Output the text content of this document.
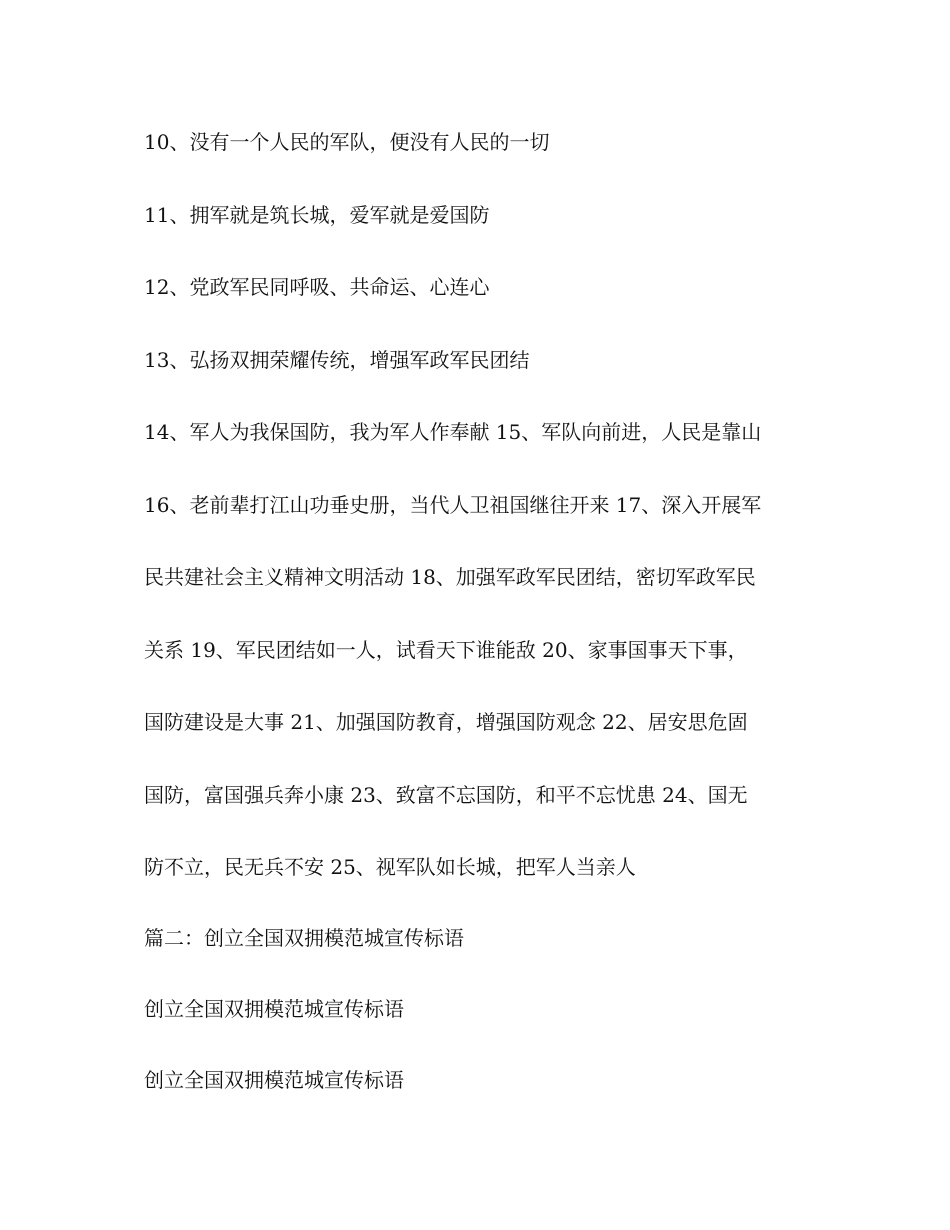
10、没有一个人民的军队，便没有人民的一切
11、拥军就是筑长城，爱军就是爱国防
12、党政军民同呼吸、共命运、心连心
13、弘扬双拥荣耀传统，增强军政军民团结
14、军人为我保国防，我为军人作奉献 15、军队向前进，人民是靠山
16、老前辈打江山功垂史册，当代人卫祖国继往开来 17、深入开展军
民共建社会主义精神文明活动 18、加强军政军民团结，密切军政军民
关系 19、军民团结如一人，试看天下谁能敌 20、家事国事天下事，
国防建设是大事 21、加强国防教育，增强国防观念 22、居安思危固
国防，富国强兵奔小康 23、致富不忘国防，和平不忘忧患 24、国无
防不立，民无兵不安 25、视军队如长城，把军人当亲人
篇二：创立全国双拥模范城宣传标语
创立全国双拥模范城宣传标语
创立全国双拥模范城宣传标语
